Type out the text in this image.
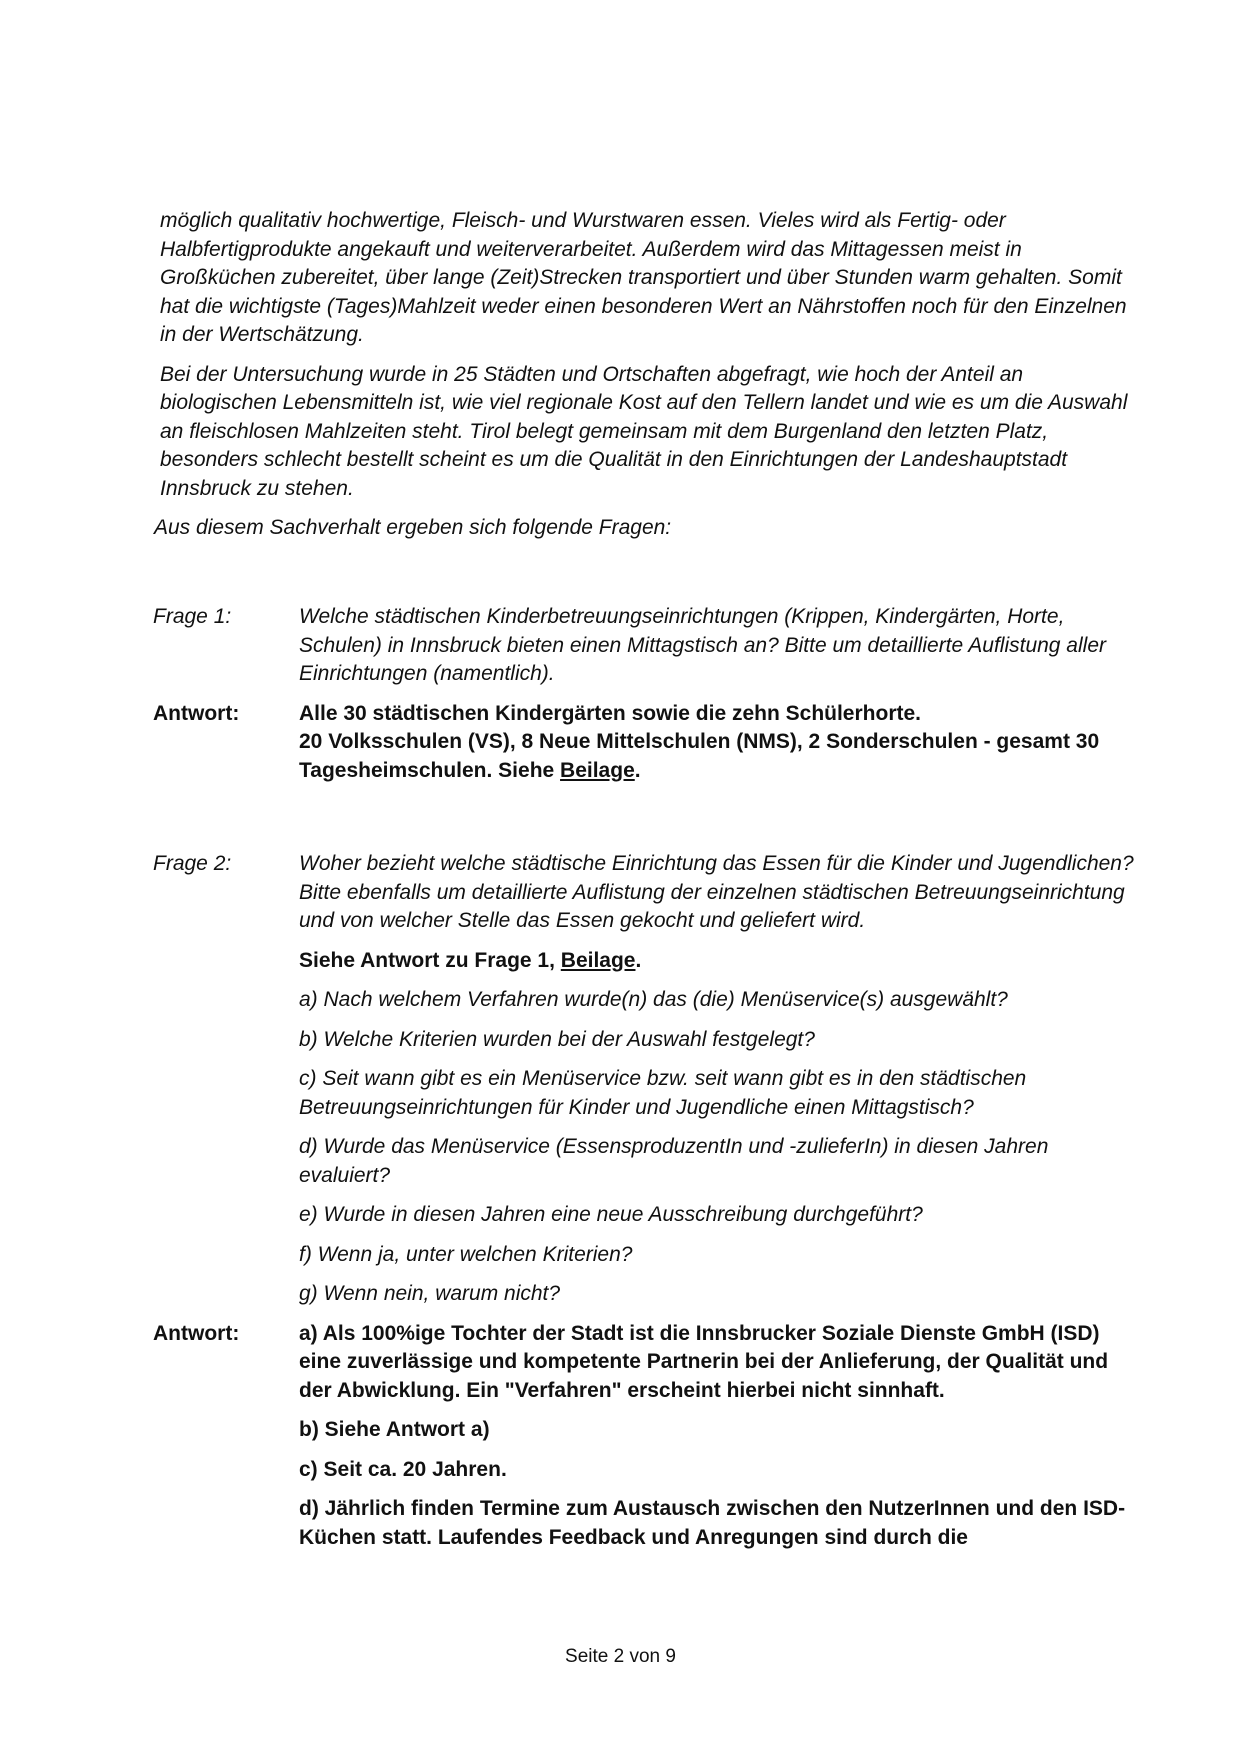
möglich qualitativ hochwertige, Fleisch- und Wurstwaren essen. Vieles wird als Fertig- oder Halbfertigprodukte angekauft und weiterverarbeitet. Außerdem wird das Mittagessen meist in Großküchen zubereitet, über lange (Zeit)Strecken transportiert und über Stunden warm gehalten. Somit hat die wichtigste (Tages)Mahlzeit weder einen besonderen Wert an Nährstoffen noch für den Einzelnen in der Wertschätzung.

Bei der Untersuchung wurde in 25 Städten und Ortschaften abgefragt, wie hoch der Anteil an biologischen Lebensmitteln ist, wie viel regionale Kost auf den Tellern landet und wie es um die Auswahl an fleischlosen Mahlzeiten steht. Tirol belegt gemeinsam mit dem Burgenland den letzten Platz, besonders schlecht bestellt scheint es um die Qualität in den Einrichtungen der Landeshauptstadt Innsbruck zu stehen.

Aus diesem Sachverhalt ergeben sich folgende Fragen:

Frage 1:	Welche städtischen Kinderbetreuungseinrichtungen (Krippen, Kindergärten, Horte, Schulen) in Innsbruck bieten einen Mittagstisch an? Bitte um detaillierte Auflistung aller Einrichtungen (namentlich).

Antwort:	Alle 30 städtischen Kindergärten sowie die zehn Schülerhorte.
20 Volksschulen (VS), 8 Neue Mittelschulen (NMS), 2 Sonderschulen - gesamt 30 Tagesheimschulen. Siehe Beilage.
Frage 2:	Woher bezieht welche städtische Einrichtung das Essen für die Kinder und Jugendlichen? Bitte ebenfalls um detaillierte Auflistung der einzelnen städtischen Betreuungseinrichtung und von welcher Stelle das Essen gekocht und geliefert wird.

Siehe Antwort zu Frage 1, Beilage.

a) Nach welchem Verfahren wurde(n) das (die) Menüservice(s) ausgewählt?

b) Welche Kriterien wurden bei der Auswahl festgelegt?

c) Seit wann gibt es ein Menüservice bzw. seit wann gibt es in den städtischen Betreuungseinrichtungen für Kinder und Jugendliche einen Mittagstisch?

d) Wurde das Menüservice (EssensproduzentIn und -zulieferIn) in diesen Jahren evaluiert?

e) Wurde in diesen Jahren eine neue Ausschreibung durchgeführt?

f) Wenn ja, unter welchen Kriterien?

g) Wenn nein, warum nicht?

Antwort:	a) Als 100%ige Tochter der Stadt ist die Innsbrucker Soziale Dienste GmbH (ISD) eine zuverlässige und kompetente Partnerin bei der Anlieferung, der Qualität und der Abwicklung. Ein "Verfahren" erscheint hierbei nicht sinnhaft.

b) Siehe Antwort a)

c) Seit ca. 20 Jahren.

d) Jährlich finden Termine zum Austausch zwischen den NutzerInnen und den ISD-Küchen statt. Laufendes Feedback und Anregungen sind durch die

Seite 2 von 9
